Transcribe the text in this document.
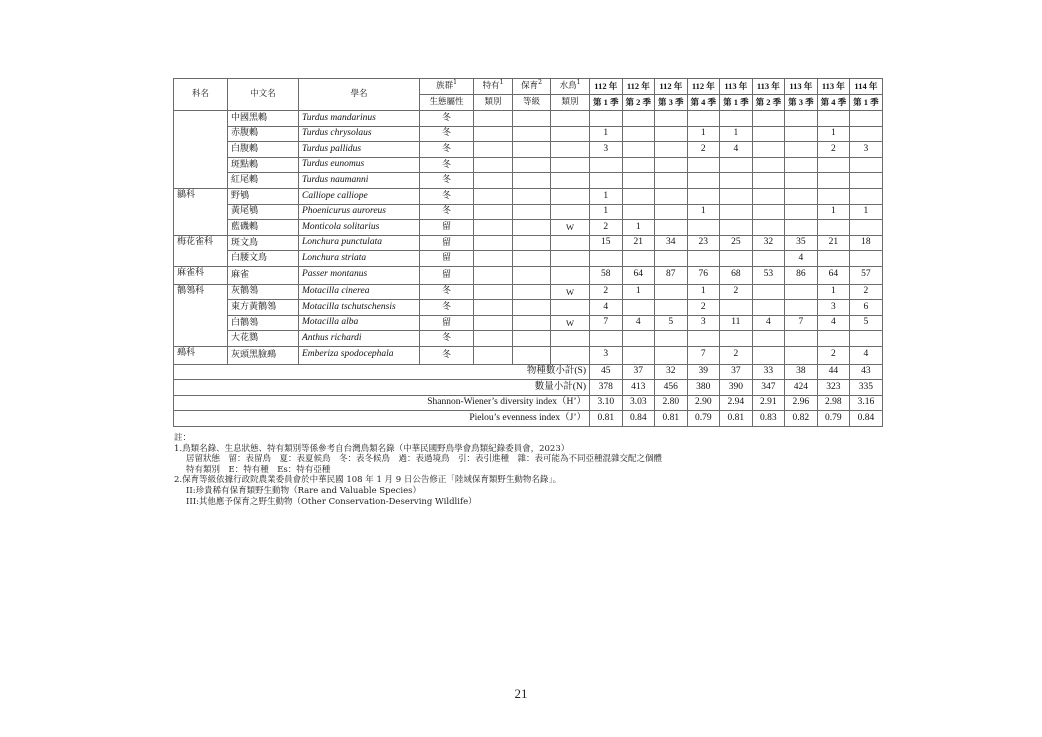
科名	中文名	學名	族群$^1$	特有$^1$	保育$^2$	水鳥$^1$	112 年	112 年	112 年	112 年	113 年	113 年	113 年	113 年	114 年
			生態屬性	類別	等級	類別	第 1 季	第 2 季	第 3 季	第 4 季	第 1 季	第 2 季	第 3 季	第 4 季	第 1 季
	中國黑鶇	Turdus mandarinus	冬												
	赤腹鶇	Turdus chrysolaus	冬				1			1	1			1	
	白腹鶇	Turdus pallidus	冬				3			2	4			2	3
	斑點鶇	Turdus eunomus	冬												
	紅尾鶇	Turdus naumanni	冬												
鶲科	野鴝	Calliope calliope	冬				1								
	黃尾鴝	Phoenicurus auroreus	冬				1			1				1	1
	藍磯鶇	Monticola solitarius	留			W	2	1							
梅花雀科	斑文鳥	Lonchura punctulata	留				15	21	34	23	25	32	35	21	18
	白腰文鳥	Lonchura striata	留										4		
麻雀科	麻雀	Passer montanus	留				58	64	87	76	68	53	86	64	57
鶺鴒科	灰鶺鴒	Motacilla cinerea	冬			W	2	1		1	2			1	2
	東方黃鶺鴒	Motacilla tschutschensis	冬				4			2				3	6
	白鶺鴒	Motacilla alba	留			W	7	4	5	3	11	4	7	4	5
	大花鷚	Anthus richardi	冬												
鵐科	灰頭黑臉鵐	Emberiza spodocephala	冬				3			7	2			2	4
物種數小計(S)							45	37	32	39	37	33	38	44	43
數量小計(N)							378	413	456	380	390	347	424	323	335
Shannon-Wiener’s diversity index（H’）							3.10	3.03	2.80	2.90	2.94	2.91	2.96	2.98	3.16
Pielou’s evenness index（J’）							0.81	0.84	0.81	0.79	0.81	0.83	0.82	0.79	0.84
註：
1.鳥類名錄、生息狀態、特有類別等係參考自台灣鳥類名錄（中華民國野鳥學會鳥類紀錄委員會，2023）
居留狀態　留：表留鳥　夏：表夏候鳥　冬：表冬候鳥　過：表過境鳥　引：表引進種　雜：表可能為不同亞種混雜交配之個體
特有類別　E：特有種　Es：特有亞種
2.保育等級依據行政院農業委員會於中華民國 108 年 1 月 9 日公告修正「陸域保育類野生動物名錄」。
II:珍貴稀有保育類野生動物（Rare and Valuable Species）
III:其他應予保育之野生動物（Other Conservation-Deserving Wildlife）
21
